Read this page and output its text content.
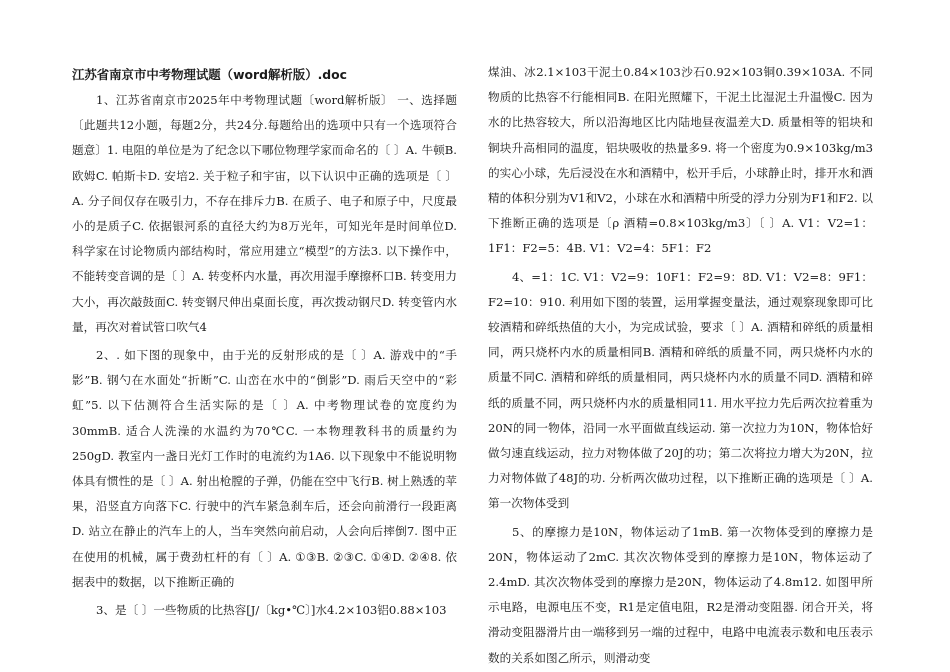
江苏省南京市中考物理试题（word解析版）.doc

1、江苏省南京市2025年中考物理试题〔word解析版〕 一、选择题〔此题共12小题，每题2分，共24分.每题给出的选项中只有一个选项符合题意〕1. 电阻的单位是为了纪念以下哪位物理学家而命名的〔 〕A. 牛顿B. 欧姆C. 帕斯卡D. 安培2. 关于粒子和宇宙，以下认识中正确的选项是〔 〕A. 分子间仅存在吸引力，不存在排斥力B. 在质子、电子和原子中，尺度最小的是质子C. 依据银河系的直径大约为8万光年，可知光年是时间单位D. 科学家在讨论物质内部结构时，常应用建立“模型”的方法3. 以下操作中，不能转变音调的是〔 〕A. 转变杯内水量，再次用湿手摩擦杯口B. 转变用力大小，再次敲鼓面C. 转变钢尺伸出桌面长度，再次拨动钢尺D. 转变管内水量，再次对着试管口吹气4

2、. 如下图的现象中，由于光的反射形成的是〔 〕A. 游戏中的“手影”B. 钢勺在水面处“折断”C. 山峦在水中的“倒影”D. 雨后天空中的“彩虹”5. 以下估测符合生活实际的是〔 〕A. 中考物理试卷的宽度约为30mmB. 适合人洗澡的水温约为70℃C. 一本物理教科书的质量约为250gD. 教室内一盏日光灯工作时的电流约为1A6. 以下现象中不能说明物体具有惯性的是〔 〕A. 射出枪膛的子弹，仍能在空中飞行B. 树上熟透的苹果，沿竖直方向落下C. 行驶中的汽车紧急刹车后，还会向前滑行一段距离D. 站立在静止的汽车上的人，当车突然向前启动，人会向后摔倒7. 图中正在使用的机械，属于费劲杠杆的有〔 〕A. ①③B. ②③C. ①④D. ②④8. 依据表中的数据，以下推断正确的

3、是〔 〕一些物质的比热容[J/〔kg•℃〕]水4.2×103铝0.88×103

煤油、冰2.1×103干泥土0.84×103沙石0.92×103铜0.39×103A. 不同物质的比热容不行能相同B. 在阳光照耀下，干泥土比湿泥土升温慢C. 因为水的比热容较大，所以沿海地区比内陆地昼夜温差大D. 质量相等的铝块和铜块升高相同的温度，铝块吸收的热量多9. 将一个密度为0.9×103kg/m3的实心小球，先后浸没在水和酒精中，松开手后，小球静止时，排开水和酒精的体积分别为V1和V2，小球在水和酒精中所受的浮力分别为F1和F2. 以下推断正确的选项是〔ρ 酒精=0.8×103kg/m3〕〔 〕A. V1：V2=1：1F1：F2=5：4B. V1：V2=4：5F1：F2

4、=1：1C. V1：V2=9：10F1：F2=9：8D. V1：V2=8：9F1：F2=10：910. 利用如下图的装置，运用掌握变量法，通过观察现象即可比较酒精和碎纸热值的大小，为完成试验，要求〔 〕A. 酒精和碎纸的质量相同，两只烧杯内水的质量相同B. 酒精和碎纸的质量不同，两只烧杯内水的质量不同C. 酒精和碎纸的质量相同，两只烧杯内水的质量不同D. 酒精和碎纸的质量不同，两只烧杯内水的质量相同11. 用水平拉力先后两次拉着重为20N的同一物体，沿同一水平面做直线运动. 第一次拉力为10N，物体恰好做匀速直线运动，拉力对物体做了20J的功；第二次将拉力增大为20N，拉力对物体做了48J的功. 分析两次做功过程，以下推断正确的选项是〔 〕A. 第一次物体受到

5、的摩擦力是10N，物体运动了1mB. 第一次物体受到的摩擦力是20N，物体运动了2mC. 其次次物体受到的摩擦力是10N，物体运动了2.4mD. 其次次物体受到的摩擦力是20N，物体运动了4.8m12. 如图甲所示电路，电源电压不变，R1是定值电阻，R2是滑动变阻器. 闭合开关，将滑动变阻器滑片由一端移到另一端的过程中，电路中电流表示数和电压表示数的关系如图乙所示，则滑动变
